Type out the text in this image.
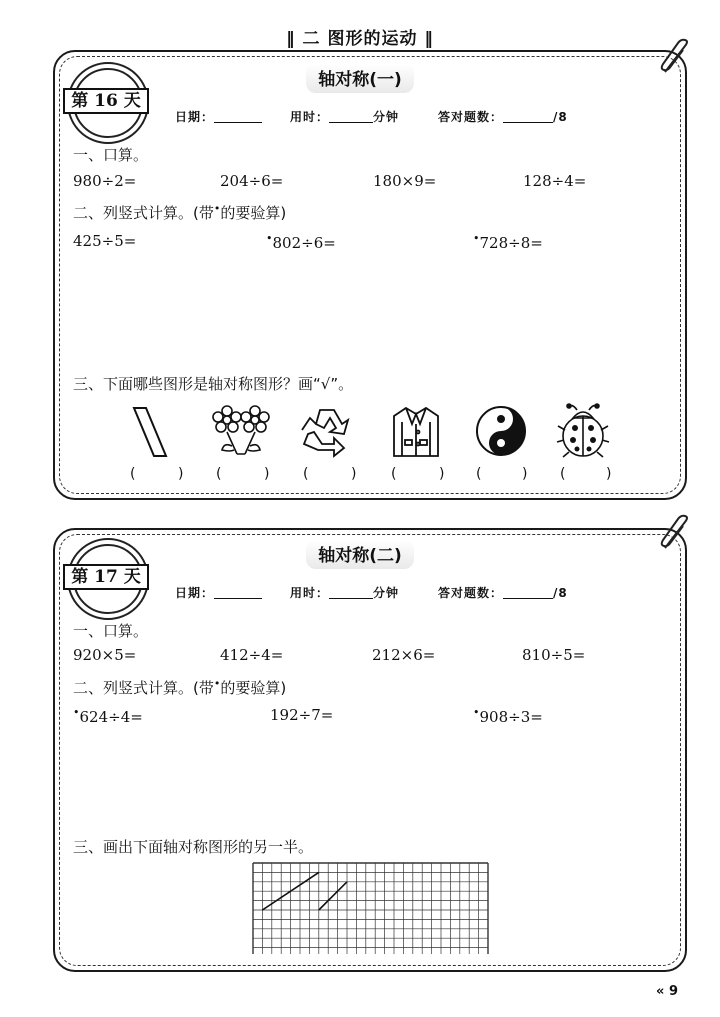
‖ 二 图形的运动 ‖
轴对称(一)
第 16 天
日期：	用时：	分钟	答对题数：	/8
一、口算。
980÷2=	204÷6=	180×9=	128÷4=
二、列竖式计算。(带•的要验算)
425÷5=	•802÷6=	•728÷8=
三、下面哪些图形是轴对称图形？画“√”。
(	) (	) (	) (	) (	) (	)
轴对称(二)
第 17 天
日期：	用时：	分钟	答对题数：	/8
一、口算。
920×5=	412÷4=	212×6=	810÷5=
二、列竖式计算。(带•的要验算)
•624÷4=	192÷7=	•908÷3=
三、画出下面轴对称图形的另一半。
« 9
